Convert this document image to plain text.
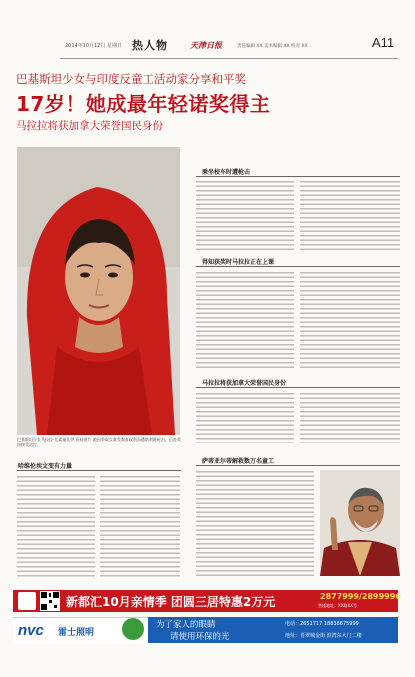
2014年10月12日 星期日 热人物	天津日报	责任编辑 XX 美术编辑 XX 校对 XX	A11
巴基斯坦少女与印度反童工活动家分享和平奖
17岁！她成最年轻诺奖得主
马拉拉将获加拿大荣誉国民身份
巴基斯坦少女马拉拉·尤素福扎伊 资料图片 她因争取女童受教育权利而遭塔利班枪击，后赴英国接受治疗。
乘坐校车时遭枪击
得知获奖时马拉拉正在上课
马拉拉将获加拿大荣誉国民身份
萨蒂亚尔蒂解救数万名童工
哈维伦埃文变有力量
新都汇10月亲情季 团圆三居特惠2万元	2877999/2899996
售楼地址：XX路XX号
nvc 雷士照明
为了家人的眼睛
请使用环保的光
电话：2651717 18836675999
地址：晋翠城金街 滨湾东大门二楼
